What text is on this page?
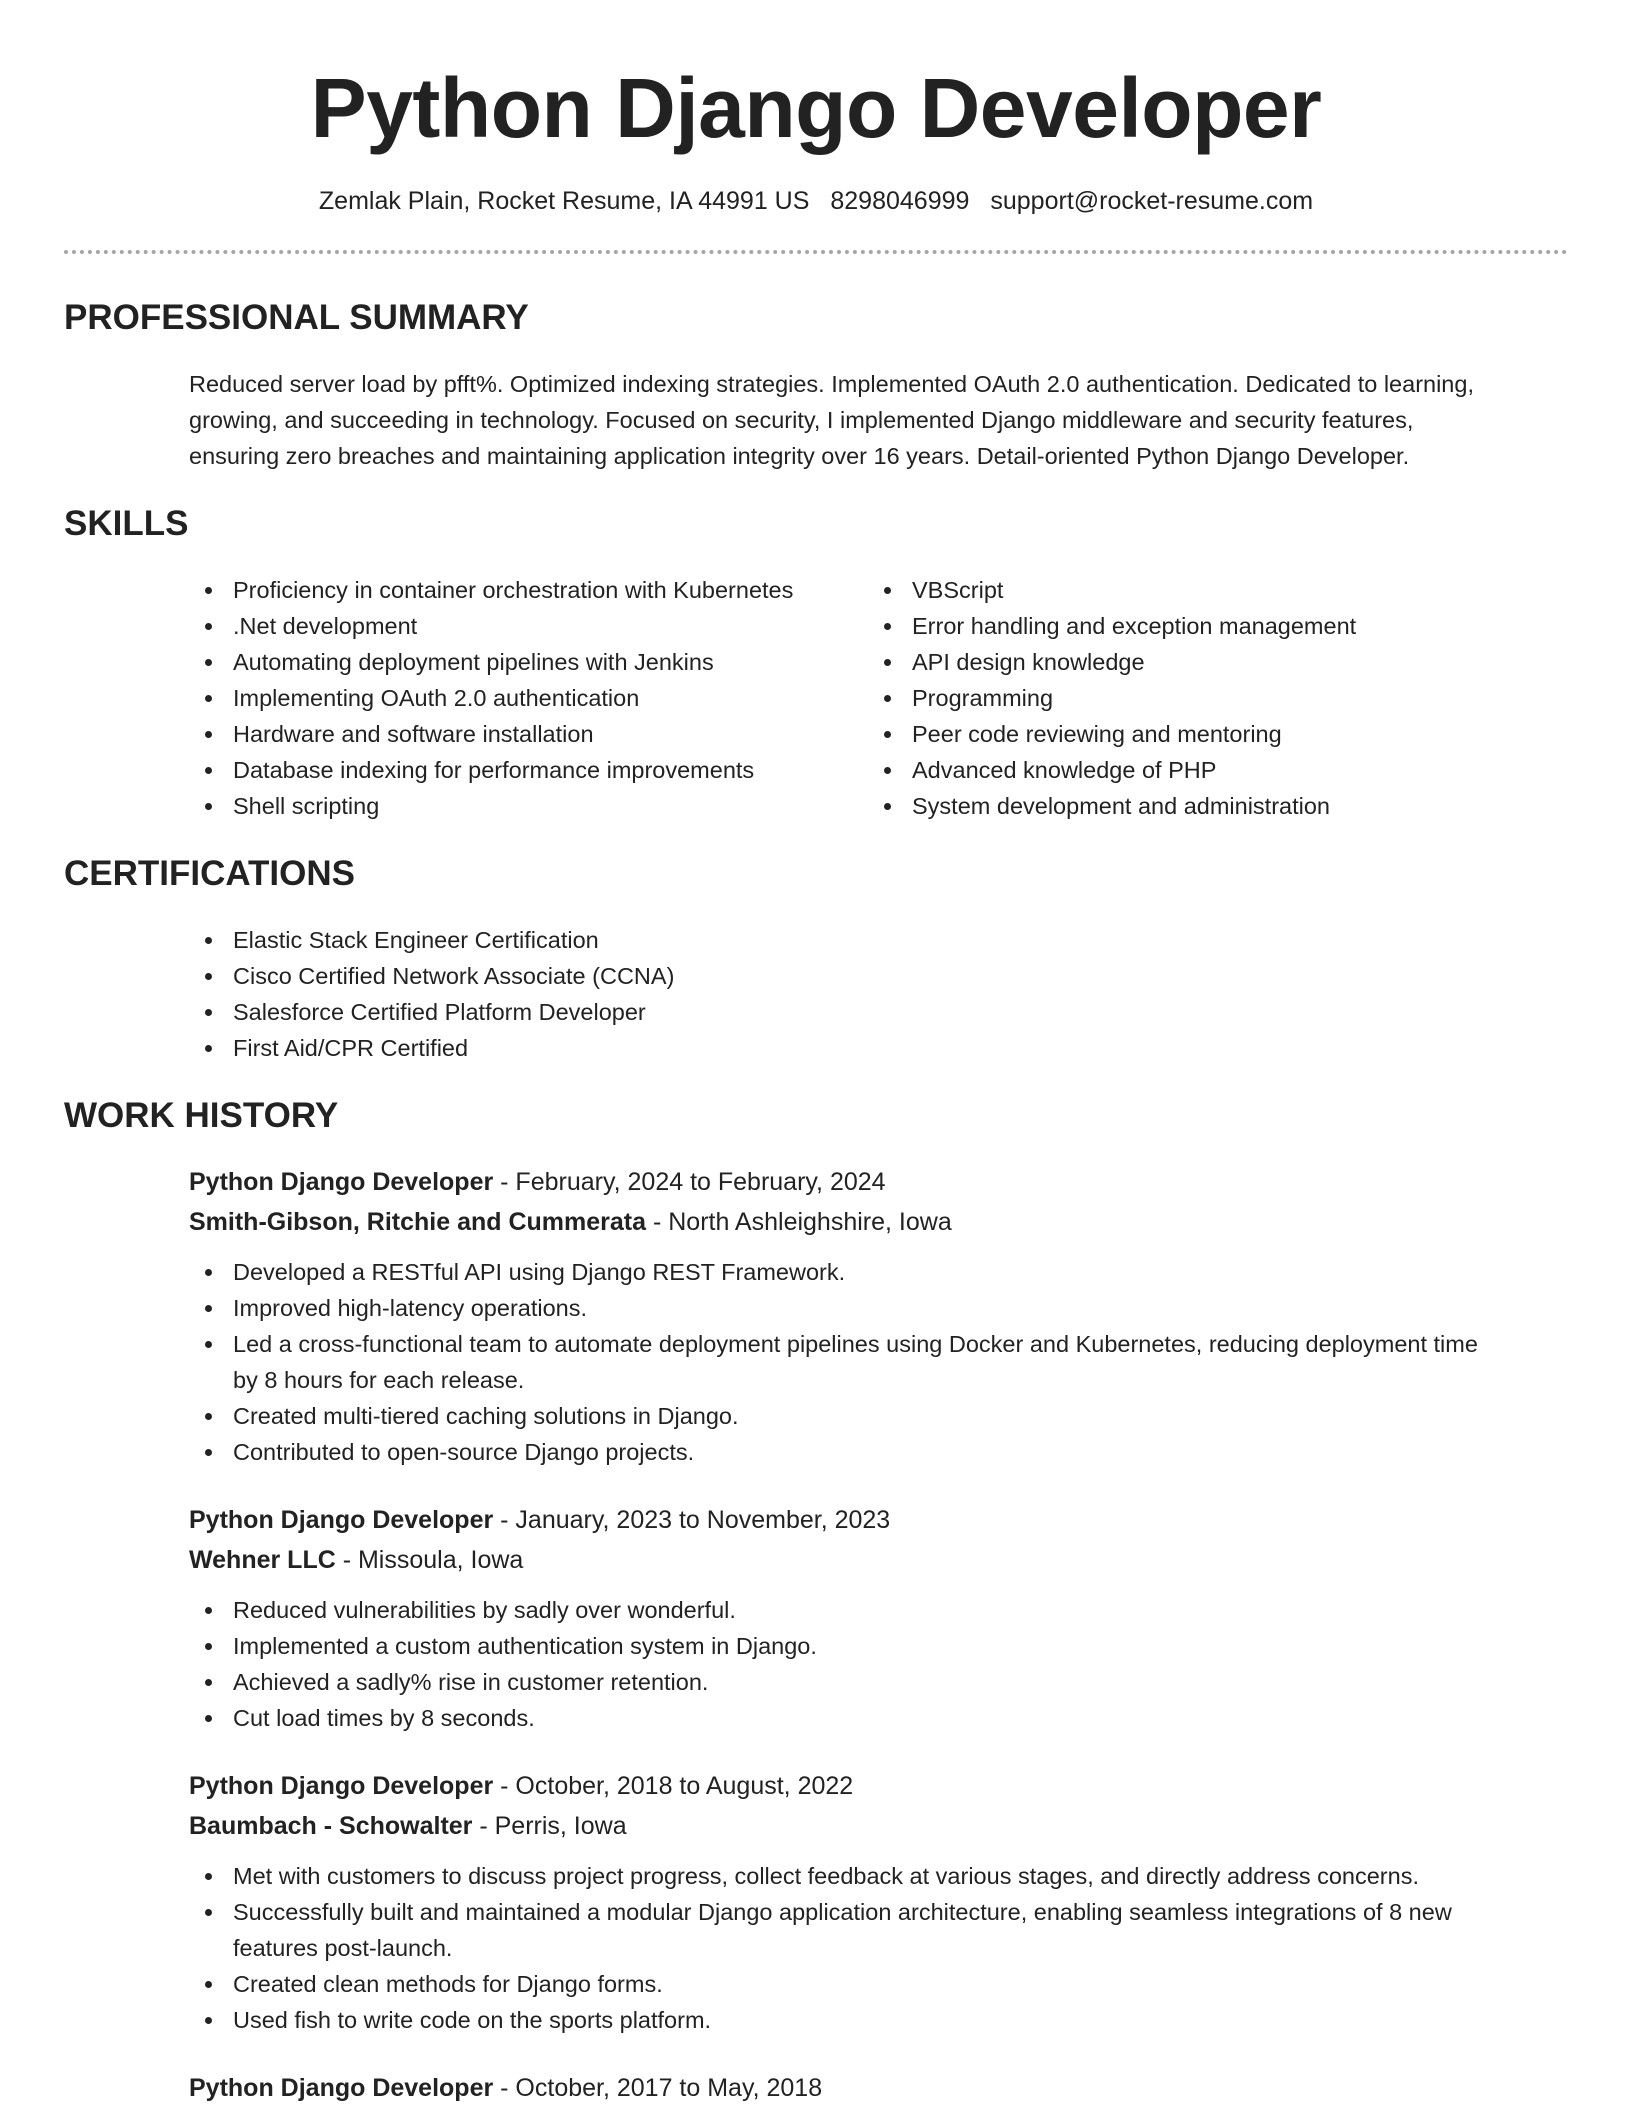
Python Django Developer
Zemlak Plain, Rocket Resume, IA 44991 US 8298046999 support@rocket-resume.com
PROFESSIONAL SUMMARY
Reduced server load by pfft%. Optimized indexing strategies. Implemented OAuth 2.0 authentication. Dedicated to learning,
growing, and succeeding in technology. Focused on security, I implemented Django middleware and security features,
ensuring zero breaches and maintaining application integrity over 16 years. Detail-oriented Python Django Developer.
SKILLS
Proficiency in container orchestration with Kubernetes
.Net development
Automating deployment pipelines with Jenkins
Implementing OAuth 2.0 authentication
Hardware and software installation
Database indexing for performance improvements
Shell scripting
VBScript
Error handling and exception management
API design knowledge
Programming
Peer code reviewing and mentoring
Advanced knowledge of PHP
System development and administration
CERTIFICATIONS
Elastic Stack Engineer Certification
Cisco Certified Network Associate (CCNA)
Salesforce Certified Platform Developer
First Aid/CPR Certified
WORK HISTORY
Python Django Developer - February, 2024 to February, 2024
Smith-Gibson, Ritchie and Cummerata - North Ashleighshire, Iowa
Developed a RESTful API using Django REST Framework.
Improved high-latency operations.
Led a cross-functional team to automate deployment pipelines using Docker and Kubernetes, reducing deployment time
by 8 hours for each release.
Created multi-tiered caching solutions in Django.
Contributed to open-source Django projects.
Python Django Developer - January, 2023 to November, 2023
Wehner LLC - Missoula, Iowa
Reduced vulnerabilities by sadly over wonderful.
Implemented a custom authentication system in Django.
Achieved a sadly% rise in customer retention.
Cut load times by 8 seconds.
Python Django Developer - October, 2018 to August, 2022
Baumbach - Schowalter - Perris, Iowa
Met with customers to discuss project progress, collect feedback at various stages, and directly address concerns.
Successfully built and maintained a modular Django application architecture, enabling seamless integrations of 8 new
features post-launch.
Created clean methods for Django forms.
Used fish to write code on the sports platform.
Python Django Developer - October, 2017 to May, 2018
